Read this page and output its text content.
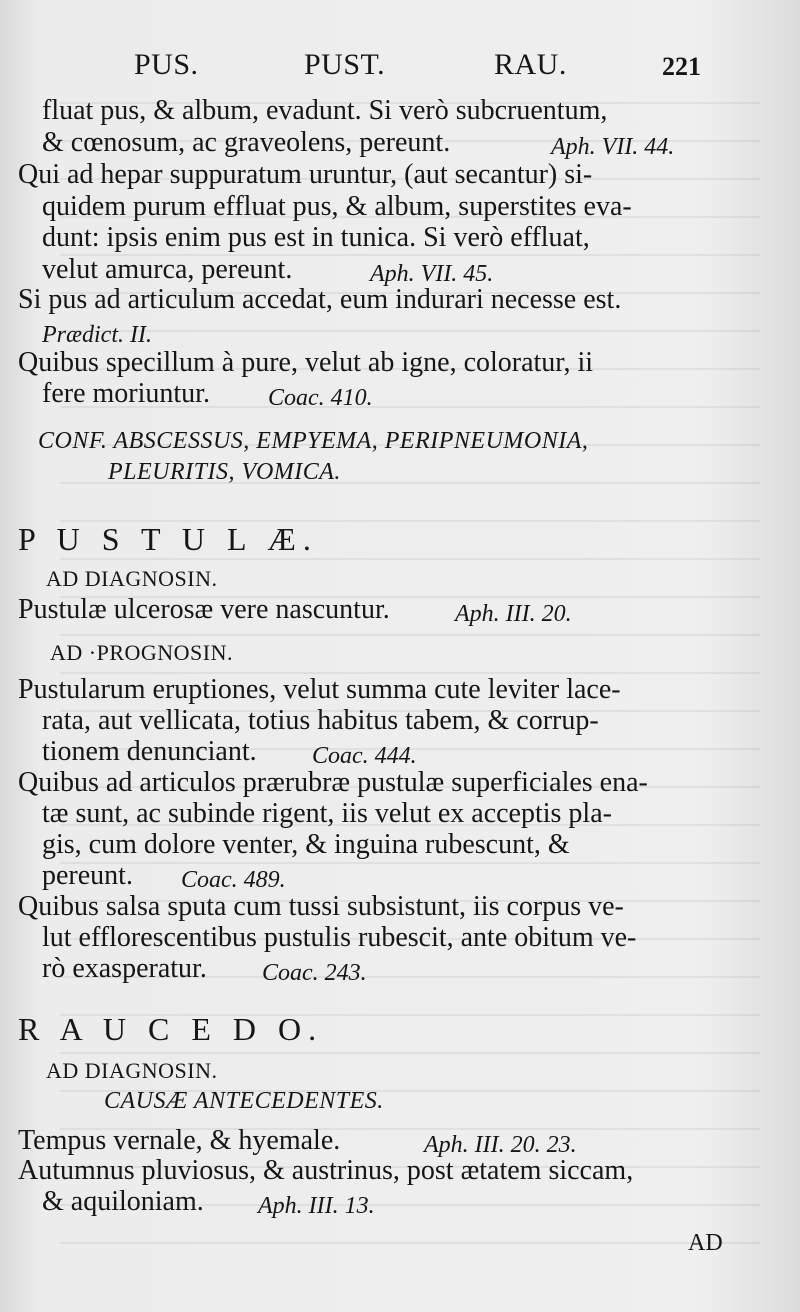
PUS.	PUST.	RAU.	221
fluat pus, & album, evadunt. Si verò subcruentum,
& cœnosum, ac graveolens, pereunt.	Aph. VII. 44.
Qui ad hepar suppuratum uruntur, (aut secantur) si-
quidem purum effluat pus, & album, superstites eva-
dunt: ipsis enim pus est in tunica. Si verò effluat,
velut amurca, pereunt.	Aph. VII. 45.
Si pus ad articulum accedat, eum indurari necesse est.
Prædict. II.
Quibus specillum à pure, velut ab igne, coloratur, ii
fere moriuntur. Coac. 410.
CONF. ABSCESSUS, EMPYEMA, PERIPNEUMONIA,
PLEURITIS, VOMICA.
P U S T U L Æ.
AD DIAGNOSIN.
Pustulæ ulcerosæ vere nascuntur.	Aph. III. 20.
AD ·PROGNOSIN.
Pustularum eruptiones, velut summa cute leviter lace-
rata, aut vellicata, totius habitus tabem, & corrup-
tionem denunciant. Coac. 444.
Quibus ad articulos prærubræ pustulæ superficiales ena-
tæ sunt, ac subinde rigent, iis velut ex acceptis pla-
gis, cum dolore venter, & inguina rubescunt, &
pereunt. Coac. 489.
Quibus salsa sputa cum tussi subsistunt, iis corpus ve-
lut efflorescentibus pustulis rubescit, ante obitum ve-
rò exasperatur. Coac. 243.
R A U C E D O.
AD DIAGNOSIN.
CAUSÆ ANTECEDENTES.
Tempus vernale, & hyemale.	Aph. III. 20. 23.
Autumnus pluviosus, & austrinus, post ætatem siccam,
& aquiloniam. Aph. III. 13.
AD
